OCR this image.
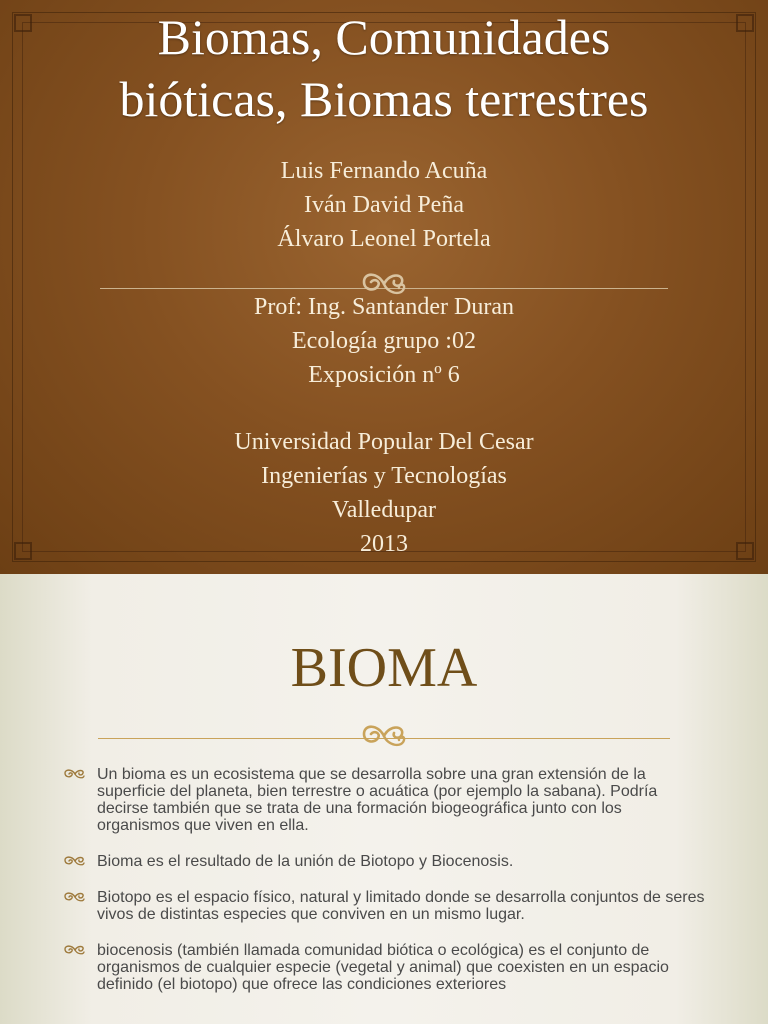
Biomas, Comunidades
bióticas, Biomas terrestres
Luis Fernando Acuña
Iván David Peña
Álvaro Leonel Portela
Prof: Ing. Santander Duran
Ecología grupo :02
Exposición nº 6
Universidad Popular Del Cesar
Ingenierías y Tecnologías
Valledupar
2013
BIOMA
Un bioma es un ecosistema que se desarrolla sobre una gran extensión de la superficie del planeta, bien terrestre o acuática (por ejemplo la sabana). Podría decirse también que se trata de una formación biogeográfica junto con los organismos que viven en ella.
Bioma es el resultado de la unión de Biotopo y Biocenosis.
Biotopo es el espacio físico, natural y limitado donde se desarrolla conjuntos de seres vivos de distintas especies que conviven en un mismo lugar.
biocenosis (también llamada comunidad biótica o ecológica) es el conjunto de organismos de cualquier especie (vegetal y animal) que coexisten en un espacio definido (el biotopo) que ofrece las condiciones exteriores
